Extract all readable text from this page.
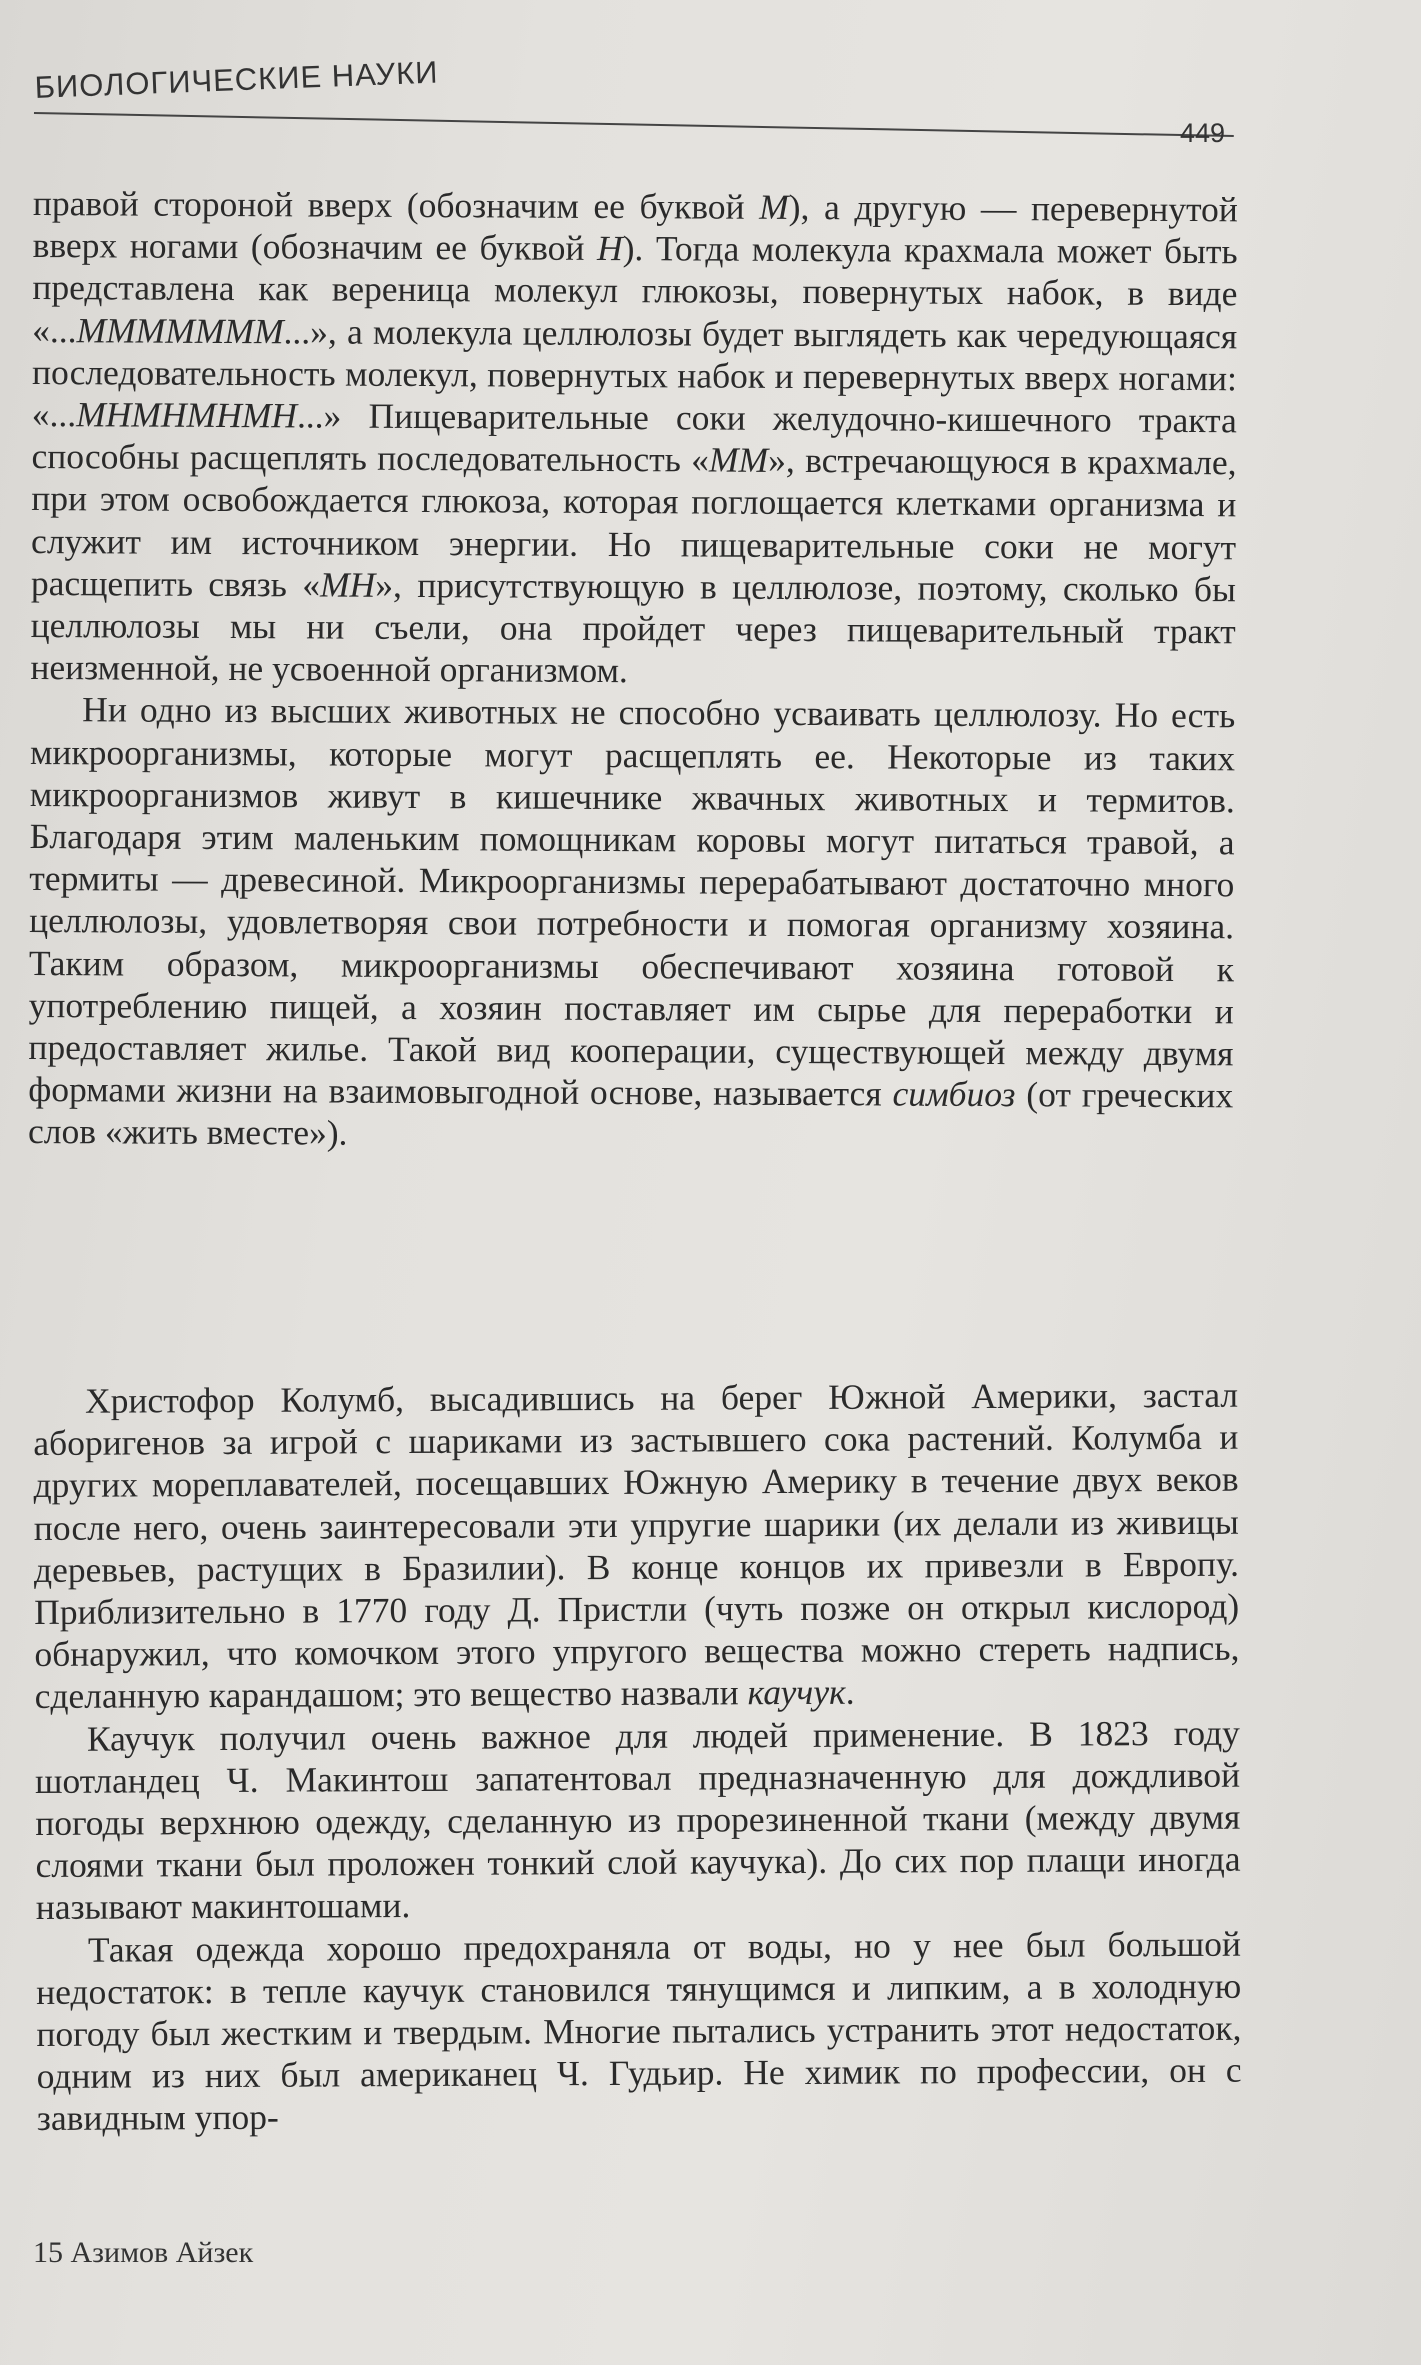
БИОЛОГИЧЕСКИЕ НАУКИ
449

правой стороной вверх (обозначим ее буквой М), а другую — перевернутой вверх ногами (обозначим ее буквой Н). Тогда молекула крахмала может быть представлена как вереница молекул глюкозы, повернутых набок, в виде «...МММММММ...», а молекула целлюлозы будет выглядеть как чередующаяся последовательность молекул, повернутых набок и перевернутых вверх ногами: «...МНМНМНМН...» Пищеварительные соки желудочно-кишечного тракта способны расщеплять последовательность «ММ», встречающуюся в крахмале, при этом освобождается глюкоза, которая поглощается клетками организма и служит им источником энергии. Но пищеварительные соки не могут расщепить связь «МН», присутствующую в целлюлозе, поэтому, сколько бы целлюлозы мы ни съели, она пройдет через пищеварительный тракт неизменной, не усвоенной организмом.

Ни одно из высших животных не способно усваивать целлюлозу. Но есть микроорганизмы, которые могут расщеплять ее. Некоторые из таких микроорганизмов живут в кишечнике жвачных животных и термитов. Благодаря этим маленьким помощникам коровы могут питаться травой, а термиты — древесиной. Микроорганизмы перерабатывают достаточно много целлюлозы, удовлетворяя свои потребности и помогая организму хозяина. Таким образом, микроорганизмы обеспечивают хозяина готовой к употреблению пищей, а хозяин поставляет им сырье для переработки и предоставляет жилье. Такой вид кооперации, существующей между двумя формами жизни на взаимовыгодной основе, называется симбиоз (от греческих слов «жить вместе»).

Христофор Колумб, высадившись на берег Южной Америки, застал аборигенов за игрой с шариками из застывшего сока растений. Колумба и других мореплавателей, посещавших Южную Америку в течение двух веков после него, очень заинтересовали эти упругие шарики (их делали из живицы деревьев, растущих в Бразилии). В конце концов их привезли в Европу. Приблизительно в 1770 году Д. Пристли (чуть позже он открыл кислород) обнаружил, что комочком этого упругого вещества можно стереть надпись, сделанную карандашом; это вещество назвали каучук.

Каучук получил очень важное для людей применение. В 1823 году шотландец Ч. Макинтош запатентовал предназначенную для дождливой погоды верхнюю одежду, сделанную из прорезиненной ткани (между двумя слоями ткани был проложен тонкий слой каучука). До сих пор плащи иногда называют макинтошами.

Такая одежда хорошо предохраняла от воды, но у нее был большой недостаток: в тепле каучук становился тянущимся и липким, а в холодную погоду был жестким и твердым. Многие пытались устранить этот недостаток, одним из них был американец Ч. Гудьир. Не химик по профессии, он с завидным упор-

15 Азимов Айзек
